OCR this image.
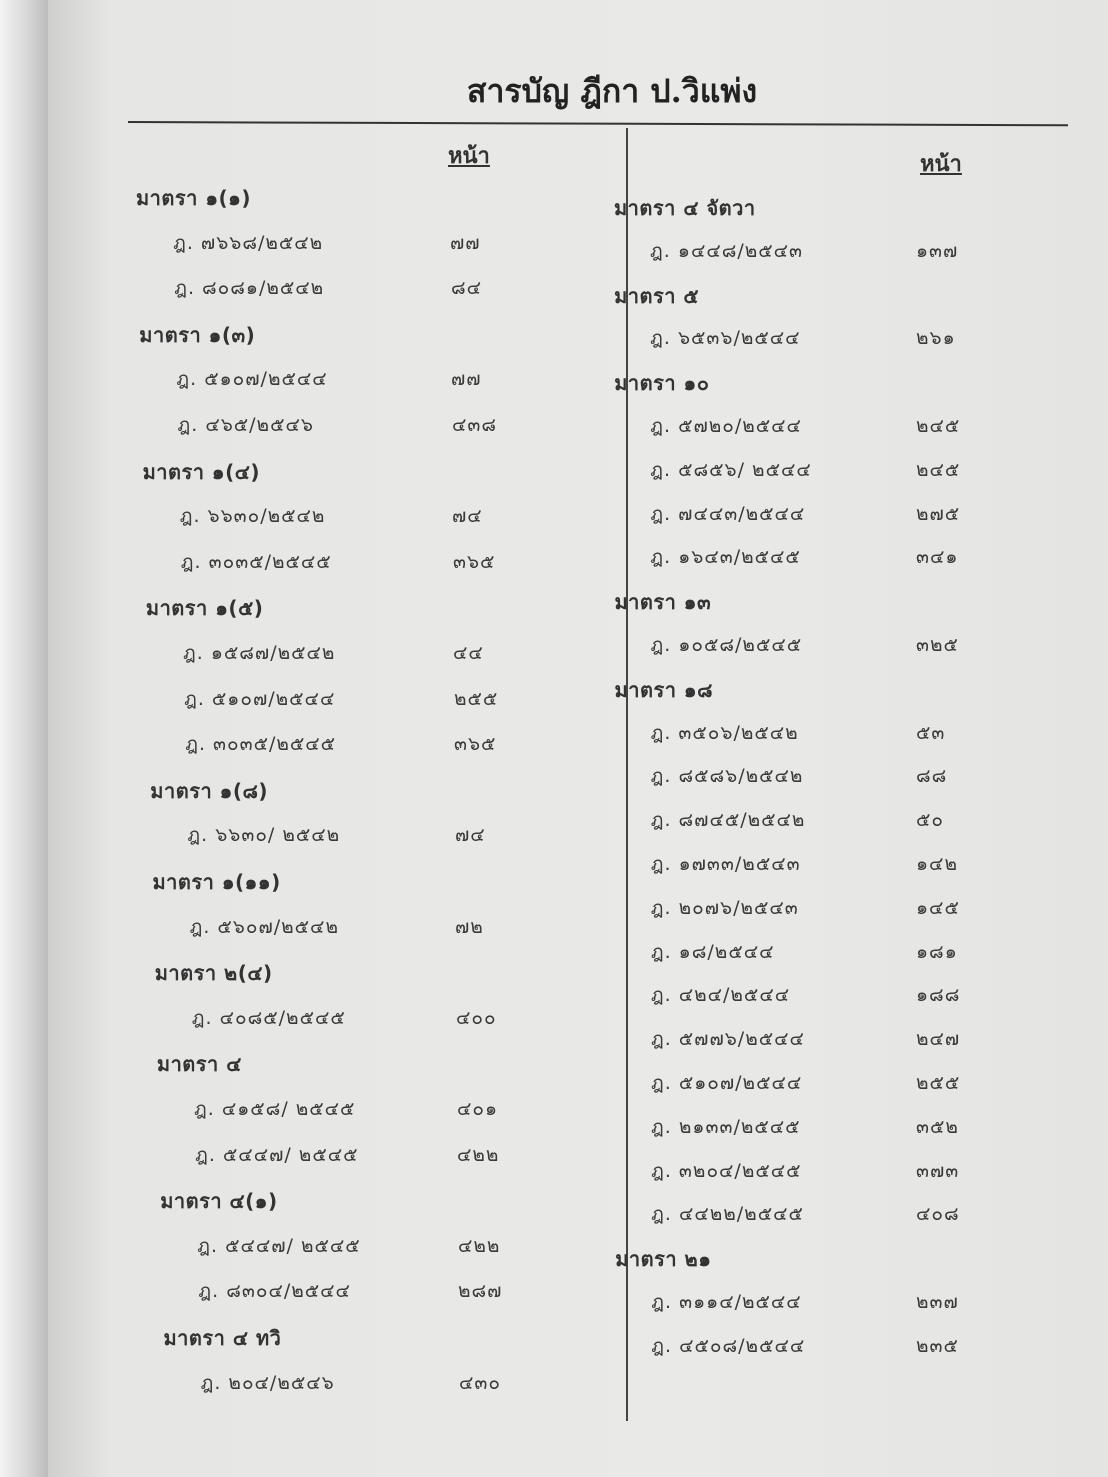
สารบัญ ฎีกา ป.วิแพ่ง
หน้า	หน้า
มาตรา ๑(๑)
ฎ. ๗๖๖๘/๒๕๔๒	๗๗
ฎ. ๘๐๘๑/๒๕๔๒	๘๔
มาตรา ๑(๓)
ฎ. ๕๑๐๗/๒๕๔๔	๗๗
ฎ. ๔๖๕/๒๕๔๖	๔๓๘
มาตรา ๑(๔)
ฎ. ๖๖๓๐/๒๕๔๒	๗๔
ฎ. ๓๐๓๕/๒๕๔๕	๓๖๕
มาตรา ๑(๕)
ฎ. ๑๕๘๗/๒๕๔๒	๔๔
ฎ. ๕๑๐๗/๒๕๔๔	๒๕๕
ฎ. ๓๐๓๕/๒๕๔๕	๓๖๕
มาตรา ๑(๘)
ฎ. ๖๖๓๐/ ๒๕๔๒	๗๔
มาตรา ๑(๑๑)
ฎ. ๕๖๐๗/๒๕๔๒	๗๒
มาตรา ๒(๔)
ฎ. ๔๐๘๕/๒๕๔๕	๔๐๐
มาตรา ๔
ฎ. ๔๑๕๘/ ๒๕๔๕	๔๐๑
ฎ. ๕๔๔๗/ ๒๕๔๕	๔๒๒
มาตรา ๔(๑)
ฎ. ๕๔๔๗/ ๒๕๔๕	๔๒๒
ฎ. ๘๓๐๔/๒๕๔๔	๒๘๗
มาตรา ๔ ทวิ
ฎ. ๒๐๔/๒๕๔๖	๔๓๐
มาตรา ๔ จัตวา
ฎ. ๑๔๔๘/๒๕๔๓	๑๓๗
มาตรา ๕
ฎ. ๖๕๓๖/๒๕๔๔	๒๖๑
มาตรา ๑๐
ฎ. ๕๗๒๐/๒๕๔๔	๒๔๕
ฎ. ๕๘๕๖/ ๒๕๔๔	๒๔๕
ฎ. ๗๔๔๓/๒๕๔๔	๒๗๕
ฎ. ๑๖๔๓/๒๕๔๕	๓๔๑
มาตรา ๑๓
ฎ. ๑๐๕๘/๒๕๔๕	๓๒๕
มาตรา ๑๘
ฎ. ๓๕๐๖/๒๕๔๒	๕๓
ฎ. ๘๕๘๖/๒๕๔๒	๘๘
ฎ. ๘๗๔๕/๒๕๔๒	๕๐
ฎ. ๑๗๓๓/๒๕๔๓	๑๔๒
ฎ. ๒๐๗๖/๒๕๔๓	๑๔๕
ฎ. ๑๘/๒๕๔๔	๑๘๑
ฎ. ๔๒๔/๒๕๔๔	๑๘๘
ฎ. ๕๗๗๖/๒๕๔๔	๒๔๗
ฎ. ๕๑๐๗/๒๕๔๔	๒๕๕
ฎ. ๒๑๓๓/๒๕๔๕	๓๕๒
ฎ. ๓๒๐๔/๒๕๔๕	๓๗๓
ฎ. ๔๔๒๒/๒๕๔๕	๔๐๘
มาตรา ๒๑
ฎ. ๓๑๑๔/๒๕๔๔	๒๓๗
ฎ. ๔๕๐๘/๒๕๔๔	๒๓๕
